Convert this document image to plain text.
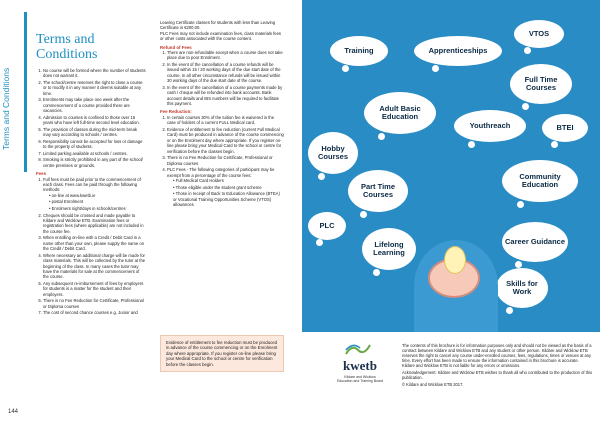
Terms and Conditions
144
Terms and
Conditions
1. No course will be formed where the number of students does not warrant it.
2. The school/centre reserves the right to close a course or to modify it in any manner it deems suitable at any time.
3. Enrolments may take place one week after the commencement of a course provided there are vacancies.
4. Admission to courses is confined to those over 16 years who have left full-time second level education.
5. The provision of classes during the mid-term break may vary according to schools / centres.
6. Responsibility cannot be accepted for loss or damage to the property of students.
7. Limited parking available at schools / centres.
8. Smoking is strictly prohibited in any part of the school/ centre premises or grounds.
Fees
1. Full fees must be paid prior to the commencement of each class. Fees can be paid through the following methods:
• on-line at www.kwetb.ie
• postal Enrolment
• Enrolment night/days in schools/centres
2. Cheques should be crossed and made payable to Kildare and Wicklow ETB. Examination fees or registration fees (where applicable) are not included in the course fee.
3. When enrolling on-line with a Credit / Debit Card in a name other than your own, please supply the name on the Credit / Debit Card.
4. Where necessary an additional charge will be made for class materials. This will be collected by the tutor at the beginning of the class. In many cases the tutor may have the materials for sale at the commencement of the course.
5. Any subsequent re-imbursement of fees by employers for students is a matter for the student and their employers.
6. There is no Fee Reduction for Certificate, Professional or Diploma courses
7. The cost of second chance courses e.g. Junior and

Leaving Certificate classes for students with less than Leaving Certificate is €200.00.

PLC Fees may not include examination fees, class materials fees or other costs associated with the course content.

Refund of Fees
1. There are non-refundable except when a course does not take place due to poor Enrolment.
2. In the event of the cancellation of a course refunds will be issued within 15 / 20 working days of the due start date of the course. In all other circumstance refunds will be issued within 30 working days of the due start date of the course.
3. In the event of the cancellation of a course payments made by cash / cheque will be refunded into bank accounts. Bank account details and IBS numbers will be required to facilitate this payment.
Fee Reduction:
1. In certain courses 30% of the tuition fee is waivered in the case of holders of a current FULL Medical card,
2. Evidence of entitlement to fee reduction (current Full Medical Card) must be produced in advance of the course commencing or on the Enrolment day where appropriate. If you register on-line please bring your Medical Card to the school or centre for verification before the classes begin.
3. There is no Fee Reduction for Certificate, Professional or Diploma courses
4. PLC Fees - The following categories of participant may be exempt from a percentage of the course fees:
• Full Medical Card Holders
• Those eligible under the student grant scheme
• Those in receipt of Back to Education Allowance (BTEA) or Vocational Training Opportunities Scheme (VTOS) allowances
Evidence of entitlement to fee reduction must be produced in advance of the course commencing or on the Enrolment day where appropriate. If you register on-line please bring your Medical Card to the school or centre for verification before the classes begin.
Training	Apprenticeships
VTOS
Full Time Courses
Adult Basic Education
Youthreach	BTEI
Hobby Courses
Part Time Courses
Community Education
PLC
Lifelong Learning
Career Guidance
Skills for Work
kwetb
Kildare and Wicklow
Education and Training Board

The contents of this brochure is for information purposes only and should not be viewed as the basis of a contract between Kildare and Wicklow ETB and any student or other person. Kildare and Wicklow ETB reserves the right to cancel any course under-enrolled courses, fees, regulations, times or venues at any time. Every effort has been made to ensure the information contained in this brochure is accurate. Kildare and Wicklow ETB is not liable for any errors or omissions.

Acknowledgement: Kildare and Wicklow ETB wishes to thank all who contributed to the production of this publication.

© Kildare and Wicklow ETB 2017.
